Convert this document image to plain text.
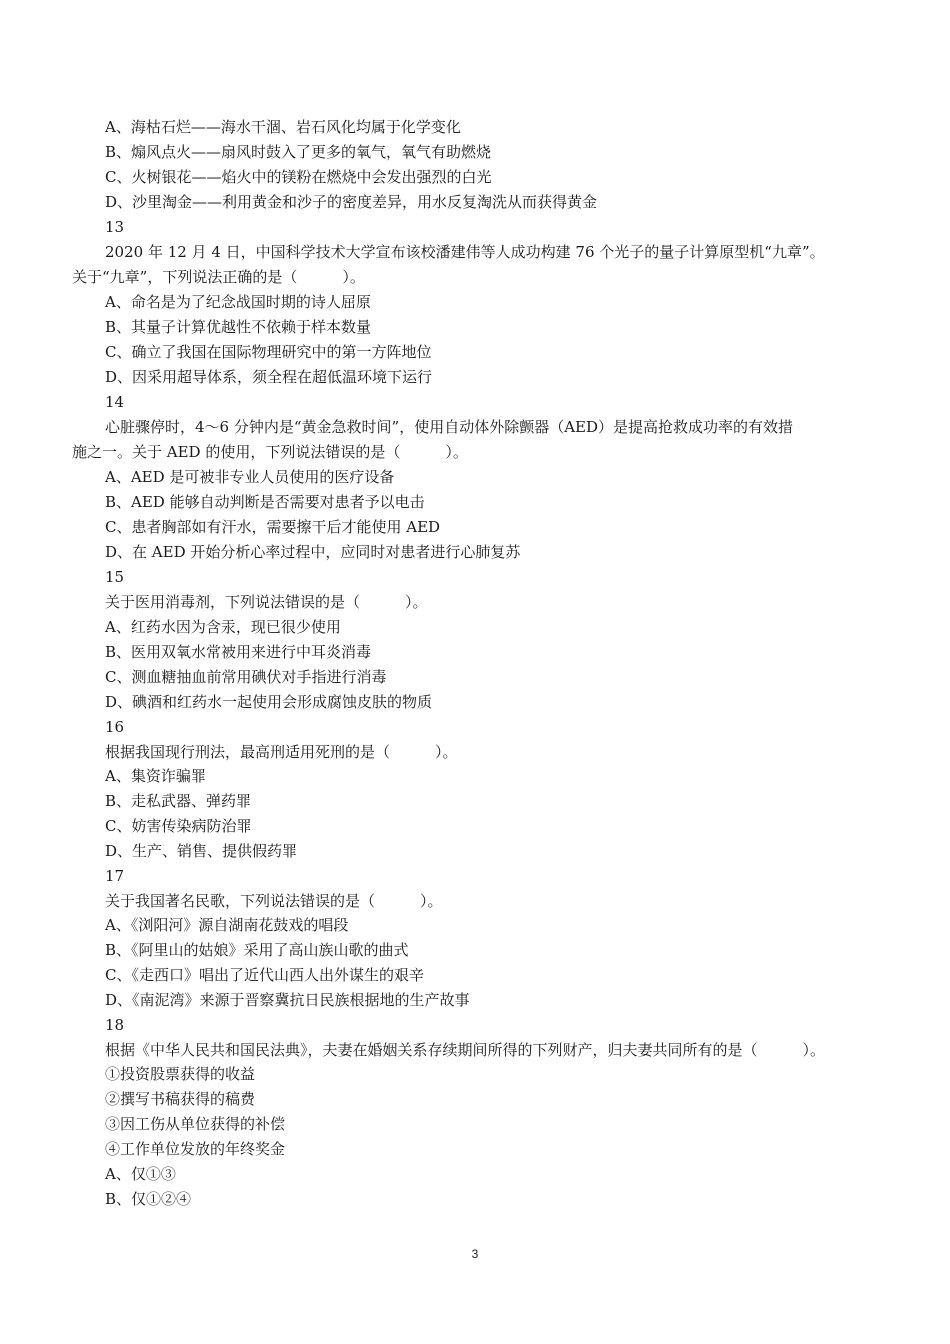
A、海枯石烂——海水干涸、岩石风化均属于化学变化
B、煽风点火——扇风时鼓入了更多的氧气，氧气有助燃烧
C、火树银花——焰火中的镁粉在燃烧中会发出强烈的白光
D、沙里淘金——利用黄金和沙子的密度差异，用水反复淘洗从而获得黄金
13
2020 年 12 月 4 日，中国科学技术大学宣布该校潘建伟等人成功构建 76 个光子的量子计算原型机“九章”。
关于“九章”，下列说法正确的是（　　　）。
A、命名是为了纪念战国时期的诗人屈原
B、其量子计算优越性不依赖于样本数量
C、确立了我国在国际物理研究中的第一方阵地位
D、因采用超导体系，须全程在超低温环境下运行
14
心脏骤停时，4～6 分钟内是“黄金急救时间”，使用自动体外除颤器（AED）是提高抢救成功率的有效措
施之一。关于 AED 的使用，下列说法错误的是（　　　）。
A、AED 是可被非专业人员使用的医疗设备
B、AED 能够自动判断是否需要对患者予以电击
C、患者胸部如有汗水，需要擦干后才能使用 AED
D、在 AED 开始分析心率过程中，应同时对患者进行心肺复苏
15
关于医用消毒剂，下列说法错误的是（　　　）。
A、红药水因为含汞，现已很少使用
B、医用双氧水常被用来进行中耳炎消毒
C、测血糖抽血前常用碘伏对手指进行消毒
D、碘酒和红药水一起使用会形成腐蚀皮肤的物质
16
根据我国现行刑法，最高刑适用死刑的是（　　　）。
A、集资诈骗罪
B、走私武器、弹药罪
C、妨害传染病防治罪
D、生产、销售、提供假药罪
17
关于我国著名民歌，下列说法错误的是（　　　）。
A、《浏阳河》源自湖南花鼓戏的唱段
B、《阿里山的姑娘》采用了高山族山歌的曲式
C、《走西口》唱出了近代山西人出外谋生的艰辛
D、《南泥湾》来源于晋察冀抗日民族根据地的生产故事
18
根据《中华人民共和国民法典》，夫妻在婚姻关系存续期间所得的下列财产，归夫妻共同所有的是（　　　）。
①投资股票获得的收益
②撰写书稿获得的稿费
③因工伤从单位获得的补偿
④工作单位发放的年终奖金
A、仅①③
B、仅①②④
3
